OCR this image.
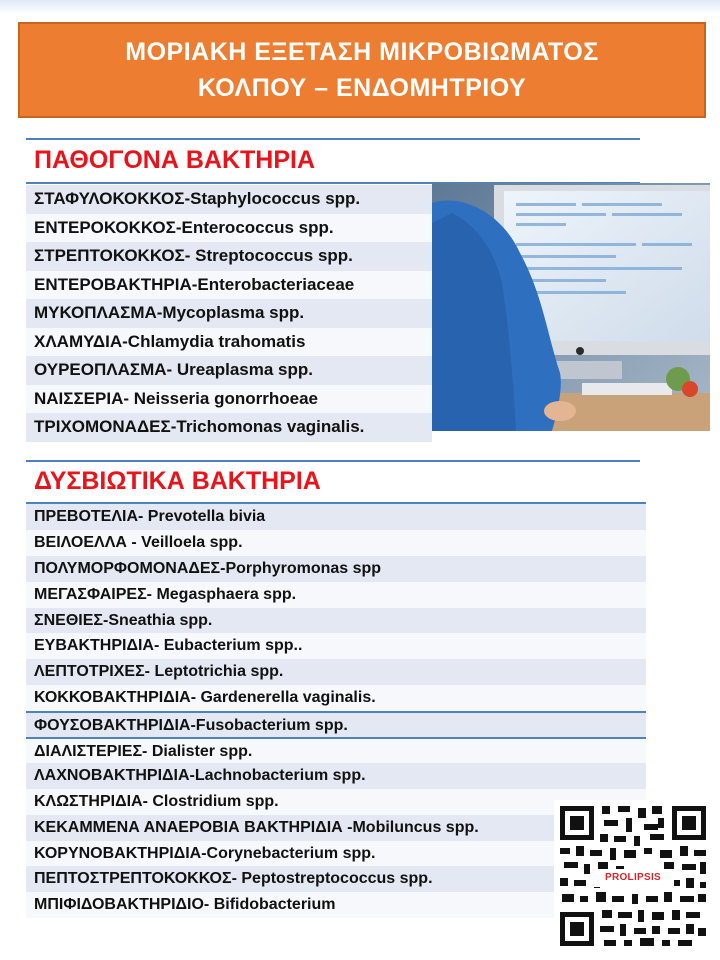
ΜΟΡΙΑΚΗ ΕΞΕΤΑΣΗ ΜΙΚΡΟΒΙΩΜΑΤΟΣ
ΚΟΛΠΟΥ – ΕΝΔΟΜΗΤΡΙΟΥ
ΠΑΘΟΓΟΝΑ ΒΑΚΤΗΡΙΑ
ΣΤΑΦΥΛΟΚΟΚΚΟΣ-Staphylococcus spp.
ΕΝΤΕΡΟΚΟΚΚΟΣ-Enterococcus spp.
ΣΤΡΕΠΤΟΚΟΚΚΟΣ- Streptococcus spp.
ΕΝΤΕΡΟΒΑΚΤΗΡΙΑ-Enterobacteriaceae
ΜΥΚΟΠΛΑΣΜΑ-Mycoplasma spp.
ΧΛΑΜΥΔΙΑ-Chlamydia trahomatis
ΟΥΡΕΟΠΛΑΣΜΑ- Ureaplasma spp.
ΝΑΙΣΣΕΡΙΑ- Neisseria gonorrhoeae
ΤΡΙΧΟΜΟΝΑΔΕΣ-Trichomonas vaginalis.
ΔΥΣΒΙΩΤΙΚΑ ΒΑΚΤΗΡΙΑ
ΠΡΕΒΟΤΕΛΙΑ- Prevotella bivia
ΒΕΙΛΟΕΛΛΑ - Veilloela spp.
ΠΟΛΥΜΟΡΦΟΜΟΝΑΔΕΣ-Porphyromonas spp
ΜΕΓΑΣΦΑΙΡΕΣ- Megasphaera spp.
ΣΝΕΘΙΕΣ-Sneathia spp.
ΕΥΒΑΚΤΗΡΙΔΙΑ- Eubacterium spp..
ΛΕΠΤΟΤΡΙΧΕΣ- Leptotrichia spp.
ΚΟΚΚΟΒΑΚΤΗΡΙΔΙΑ- Gardenerella vaginalis.
ΦΟΥΣΟΒΑΚΤΗΡΙΔΙΑ-Fusobacterium spp.
ΔΙΑΛΙΣΤΕΡΙΕΣ- Dialister spp.
ΛΑΧΝΟΒΑΚΤΗΡΙΔΙΑ-Lachnobacterium spp.
ΚΛΩΣΤΗΡΙΔΙΑ- Clostridium spp.
ΚΕΚΑΜΜΕΝΑ ΑΝΑΕΡΟΒΙΑ ΒΑΚΤΗΡΙΔΙΑ -Mobiluncus spp.
ΚΟΡΥΝΟΒΑΚΤΗΡΙΔΙΑ-Corynebacterium spp.
ΠΕΠΤΟΣΤΡΕΠΤΟΚΟΚΚΟΣ- Peptostreptococcus spp.
ΜΠΙΦΙΔΟΒΑΚΤΗΡΙΔΙΟ- Bifidobacterium
PROLIPSIS
